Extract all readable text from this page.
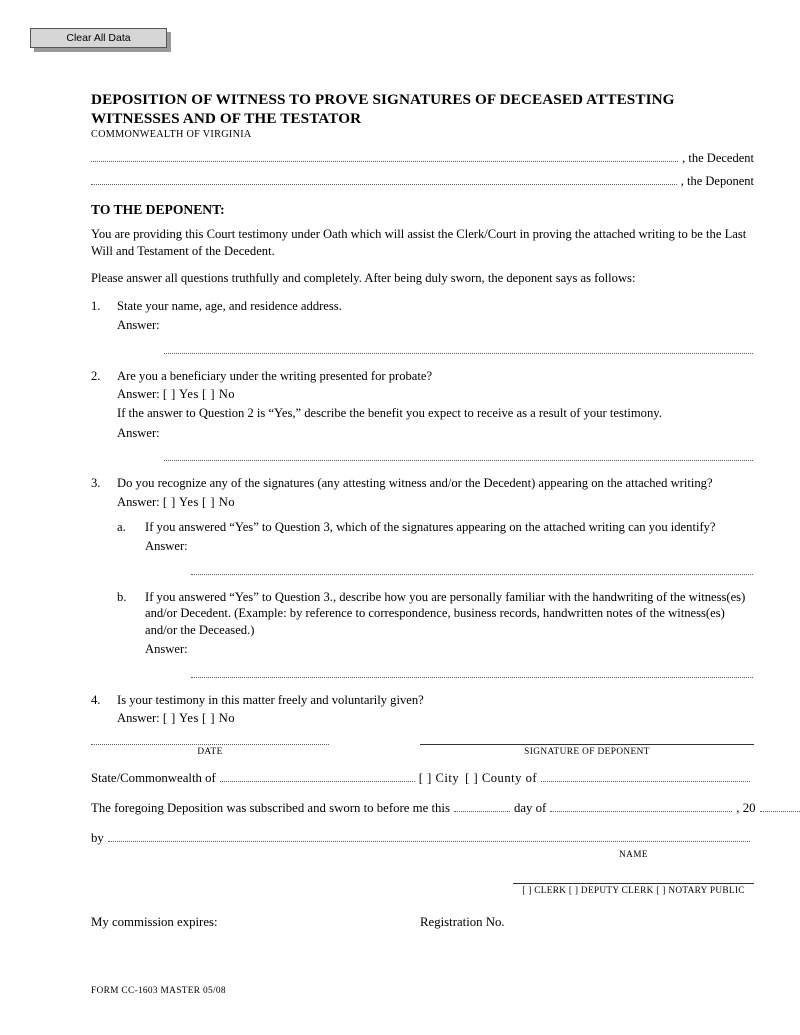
Clear All Data
DEPOSITION OF WITNESS TO PROVE SIGNATURES OF DECEASED ATTESTING WITNESSES AND OF THE TESTATOR
COMMONWEALTH OF VIRGINIA
, the Decedent
, the Deponent
TO THE DEPONENT:

You are providing this Court testimony under Oath which will assist the Clerk/Court in proving the attached writing to be the Last Will and Testament of the Decedent.

Please answer all questions truthfully and completely. After being duly sworn, the deponent says as follows:

1.	State your name, age, and residence address.
Answer:
2.	Are you a beneficiary under the writing presented for probate?
Answer: [ ] Yes [ ] No
If the answer to Question 2 is “Yes,” describe the benefit you expect to receive as a result of your testimony.
Answer:
3.	Do you recognize any of the signatures (any attesting witness and/or the Decedent) appearing on the attached writing?
Answer: [ ] Yes [ ] No
a.	If you answered “Yes” to Question 3, which of the signatures appearing on the attached writing can you identify?
Answer:
b.	If you answered “Yes” to Question 3., describe how you are personally familiar with the handwriting of the witness(es) and/or Decedent. (Example: by reference to correspondence, business records, handwritten notes of the witness(es) and/or the Deceased.)
Answer:
4.	Is your testimony in this matter freely and voluntarily given?
Answer: [ ] Yes [ ] No
DATE	SIGNATURE OF DEPONENT
State/Commonwealth of	[ ] City [ ] County of
The foregoing Deposition was subscribed and sworn to before me this	day of	, 20
by
NAME
[ ] CLERK [ ] DEPUTY CLERK [ ] NOTARY PUBLIC
My commission expires:	Registration No.
FORM CC-1603 MASTER 05/08
